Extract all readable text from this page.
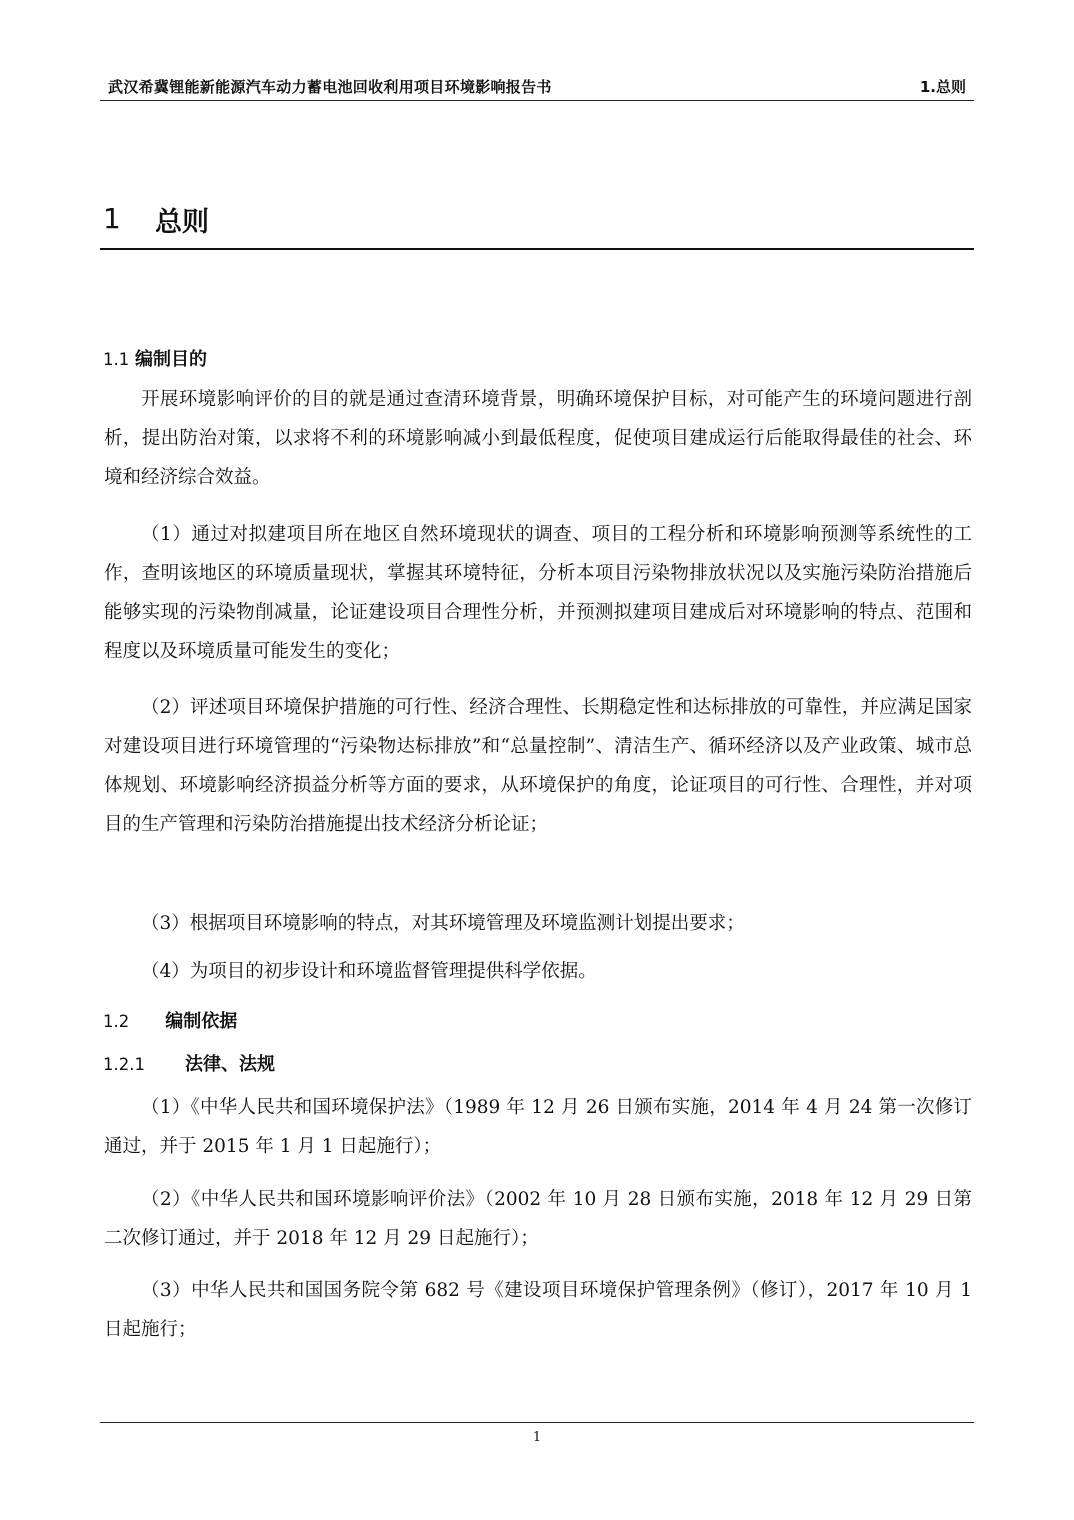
武汉希冀锂能新能源汽车动力蓄电池回收利用项目环境影响报告书	1.总则
1 总则
1.1 编制目的

开展环境影响评价的目的就是通过查清环境背景，明确环境保护目标，对可能产生的环境问题进行剖析，提出防治对策，以求将不利的环境影响减小到最低程度，促使项目建成运行后能取得最佳的社会、环境和经济综合效益。

（1）通过对拟建项目所在地区自然环境现状的调查、项目的工程分析和环境影响预测等系统性的工作，查明该地区的环境质量现状，掌握其环境特征，分析本项目污染物排放状况以及实施污染防治措施后能够实现的污染物削减量，论证建设项目合理性分析，并预测拟建项目建成后对环境影响的特点、范围和程度以及环境质量可能发生的变化；

（2）评述项目环境保护措施的可行性、经济合理性、长期稳定性和达标排放的可靠性，并应满足国家对建设项目进行环境管理的“污染物达标排放”和“总量控制”、清洁生产、循环经济以及产业政策、城市总体规划、环境影响经济损益分析等方面的要求，从环境保护的角度，论证项目的可行性、合理性，并对项目的生产管理和污染防治措施提出技术经济分析论证；

（3）根据项目环境影响的特点，对其环境管理及环境监测计划提出要求；

（4）为项目的初步设计和环境监督管理提供科学依据。

1.2 编制依据
1.2.1 法律、法规

（1）《中华人民共和国环境保护法》（1989 年 12 月 26 日颁布实施，2014 年 4 月 24 第一次修订通过，并于 2015 年 1 月 1 日起施行）；

（2）《中华人民共和国环境影响评价法》（2002 年 10 月 28 日颁布实施，2018 年 12 月 29 日第二次修订通过，并于 2018 年 12 月 29 日起施行）；

（3）中华人民共和国国务院令第 682 号《建设项目环境保护管理条例》（修订），2017 年 10 月 1 日起施行；

1
